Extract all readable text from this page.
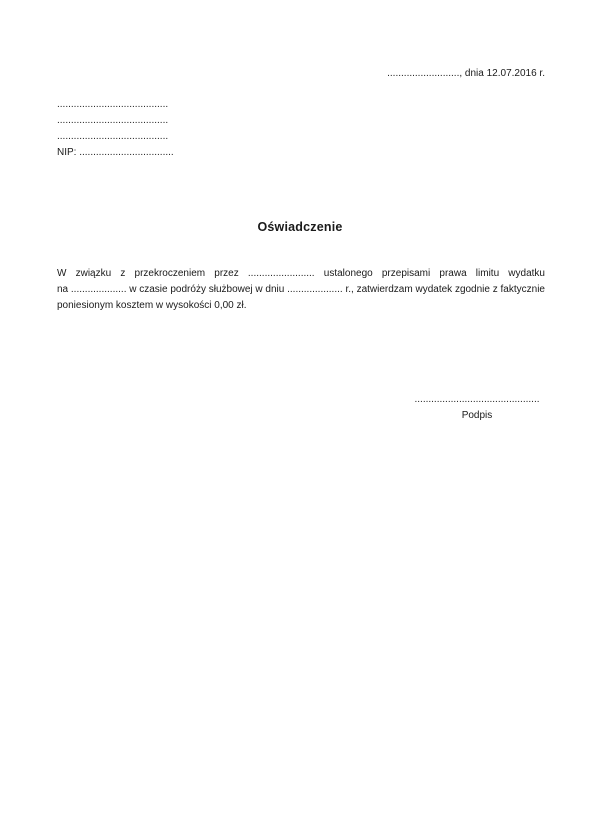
.........................., dnia 12.07.2016 r.
........................................
........................................
........................................
NIP: ..................................
Oświadczenie
W związku z przekroczeniem przez ........................ ustalonego przepisami prawa limitu wydatku
na .................... w czasie podróży służbowej w dniu .................... r., zatwierdzam wydatek zgodnie z faktycznie
poniesionym kosztem w wysokości 0,00 zł.
.............................................
Podpis
